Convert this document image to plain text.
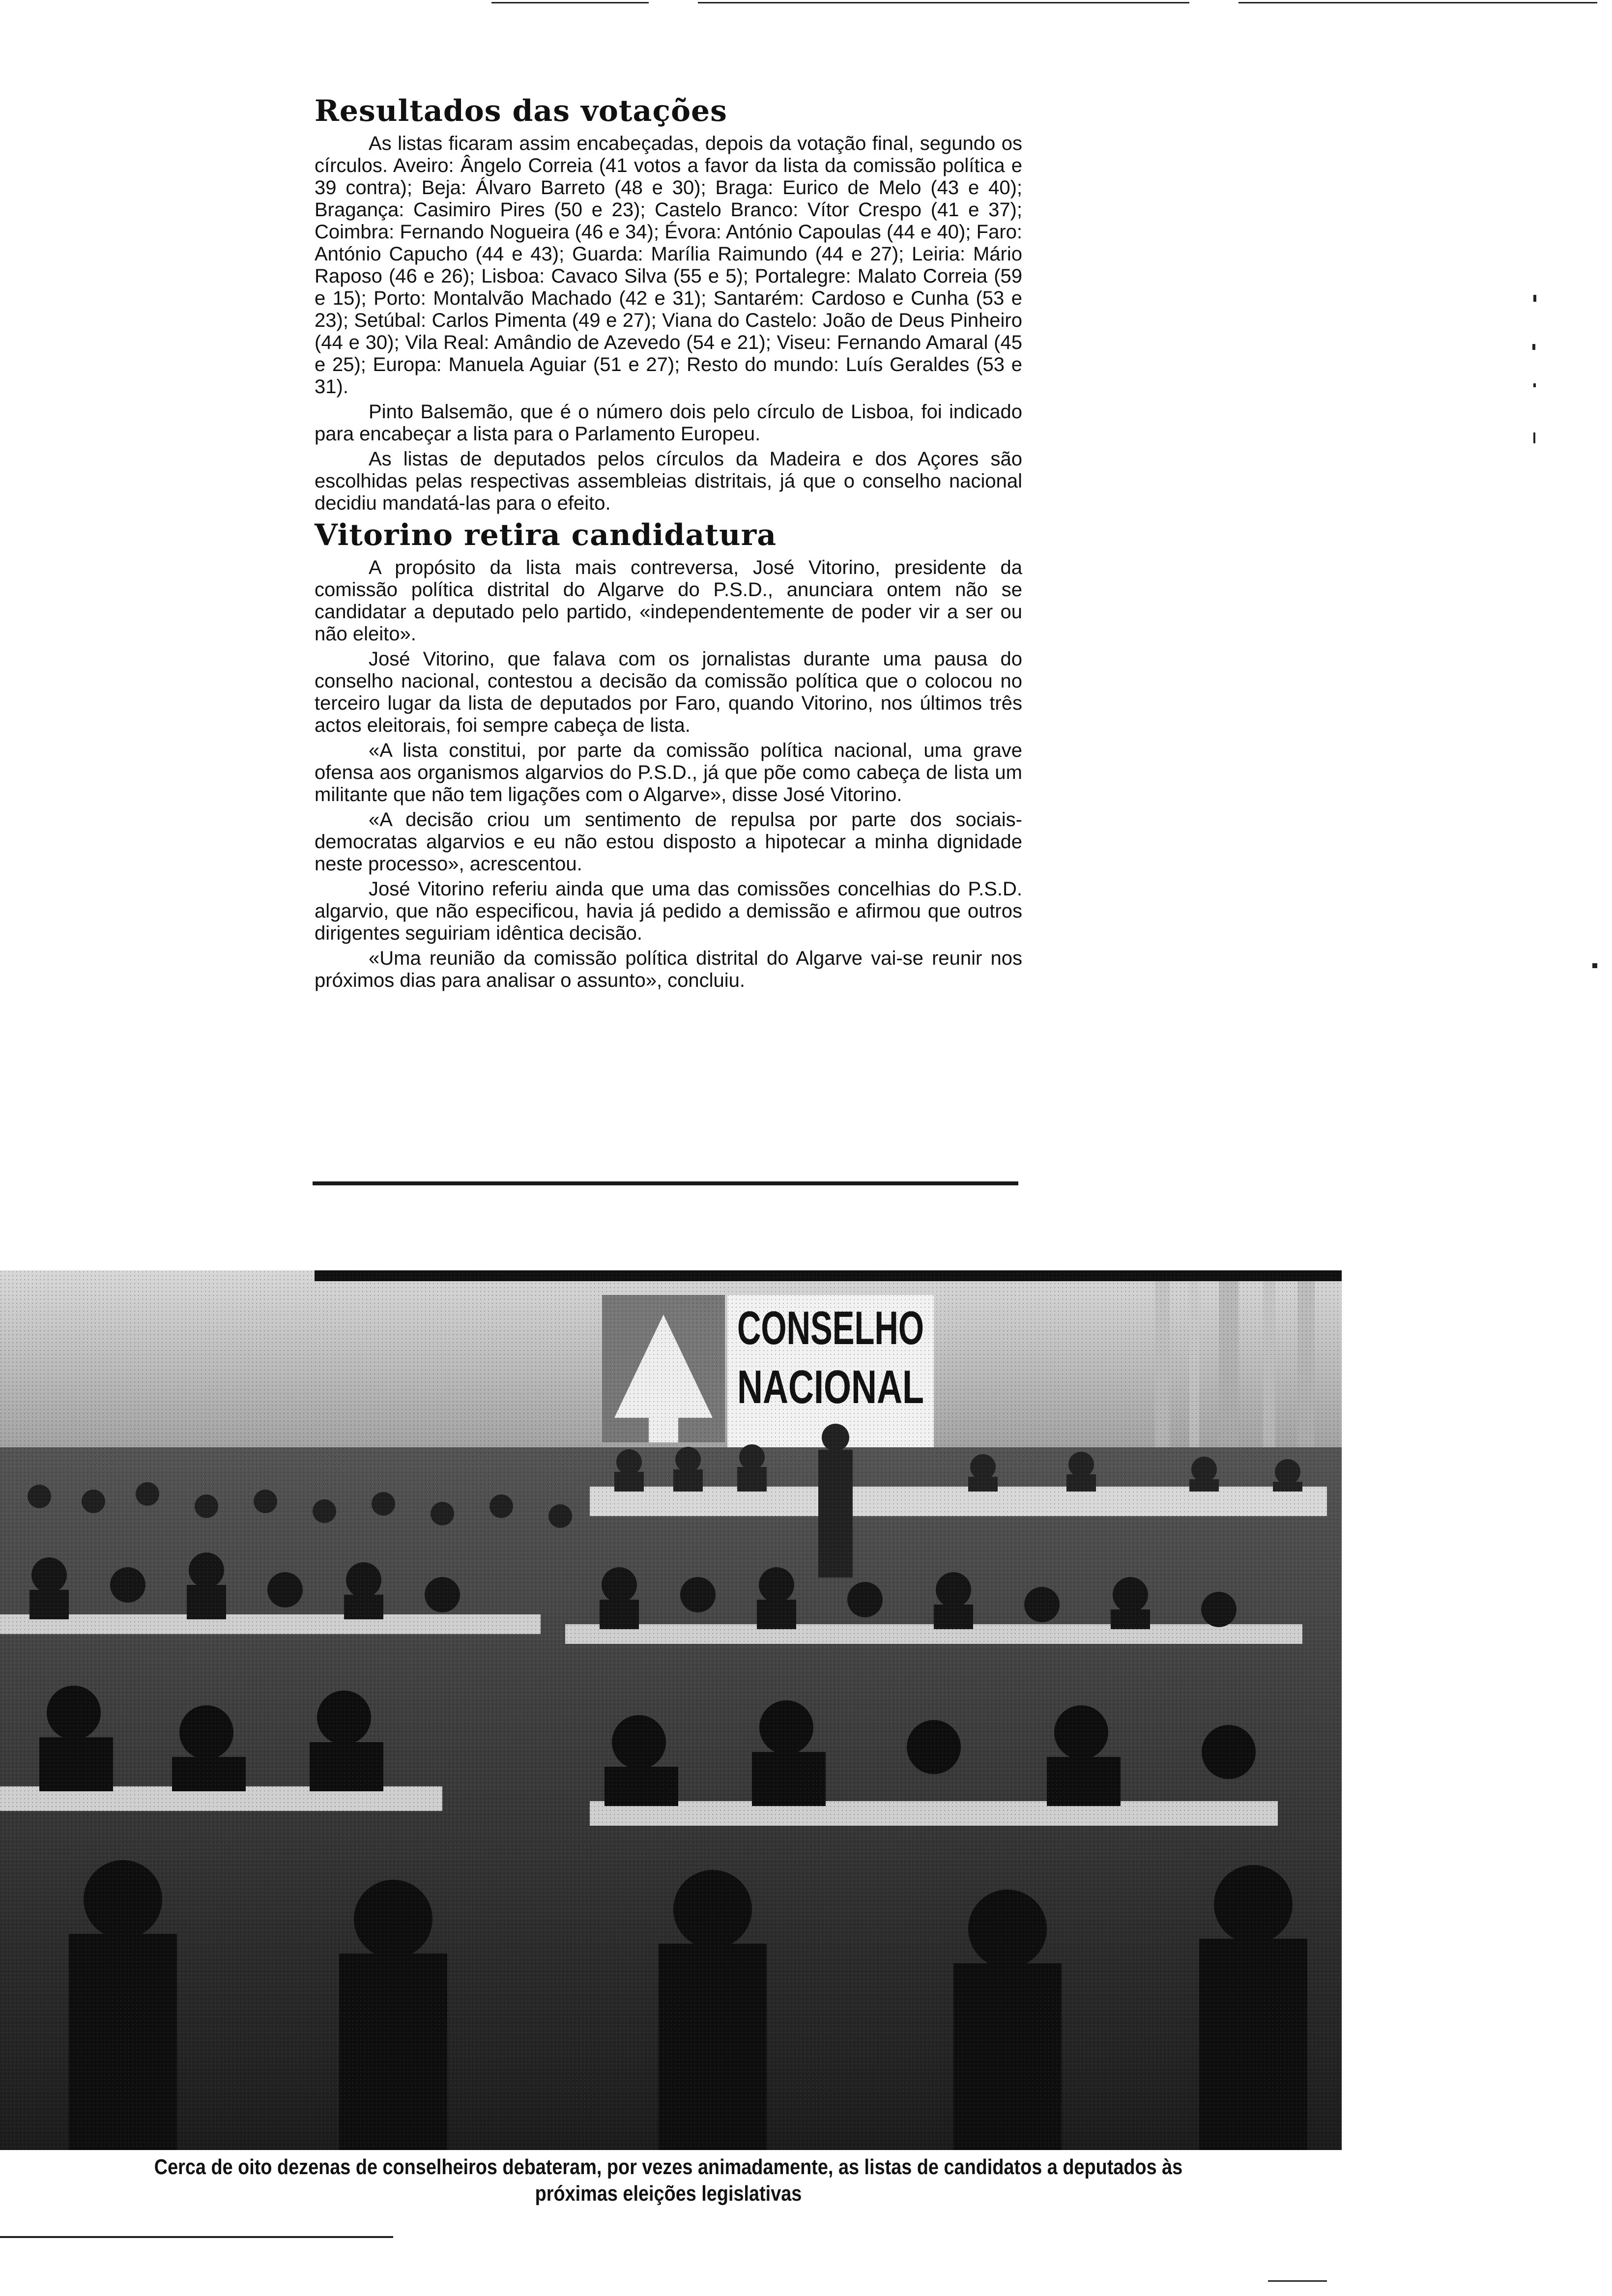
Resultados das votações

As listas ficaram assim encabeçadas, depois da votação final, segundo os círculos. Aveiro: Ângelo Correia (41 votos a favor da lista da comissão política e 39 contra); Beja: Álvaro Barreto (48 e 30); Braga: Eurico de Melo (43 e 40); Bragança: Casimiro Pires (50 e 23); Castelo Branco: Vítor Crespo (41 e 37); Coimbra: Fernando Nogueira (46 e 34); Évora: António Capoulas (44 e 40); Faro: António Capucho (44 e 43); Guarda: Marília Raimundo (44 e 27); Leiria: Mário Raposo (46 e 26); Lisboa: Cavaco Silva (55 e 5); Portalegre: Malato Correia (59 e 15); Porto: Montalvão Machado (42 e 31); Santarém: Cardoso e Cunha (53 e 23); Setúbal: Carlos Pimenta (49 e 27); Viana do Castelo: João de Deus Pinheiro (44 e 30); Vila Real: Amândio de Azevedo (54 e 21); Viseu: Fernando Amaral (45 e 25); Europa: Manuela Aguiar (51 e 27); Resto do mundo: Luís Geraldes (53 e 31).

Pinto Balsemão, que é o número dois pelo círculo de Lisboa, foi indicado para encabeçar a lista para o Parlamento Europeu.

As listas de deputados pelos círculos da Madeira e dos Açores são escolhidas pelas respectivas assembleias distritais, já que o conselho nacional decidiu mandatá-las para o efeito.

Vitorino retira candidatura

A propósito da lista mais contreversa, José Vitorino, presidente da comissão política distrital do Algarve do P.S.D., anunciara ontem não se candidatar a deputado pelo partido, «independentemente de poder vir a ser ou não eleito».

José Vitorino, que falava com os jornalistas durante uma pausa do conselho nacional, contestou a decisão da comissão política que o colocou no terceiro lugar da lista de deputados por Faro, quando Vitorino, nos últimos três actos eleitorais, foi sempre cabeça de lista.

«A lista constitui, por parte da comissão política nacional, uma grave ofensa aos organismos algarvios do P.S.D., já que põe como cabeça de lista um militante que não tem ligações com o Algarve», disse José Vitorino.

«A decisão criou um sentimento de repulsa por parte dos sociais-democratas algarvios e eu não estou disposto a hipotecar a minha dignidade neste processo», acrescentou.

José Vitorino referiu ainda que uma das comissões concelhias do P.S.D. algarvio, que não especificou, havia já pedido a demissão e afirmou que outros dirigentes seguiriam idêntica decisão.

«Uma reunião da comissão política distrital do Algarve vai-se reunir nos próximos dias para analisar o assunto», concluiu.

Cerca de oito dezenas de conselheiros debateram, por vezes animadamente, as listas de candidatos a deputados às próximas eleições legislativas
